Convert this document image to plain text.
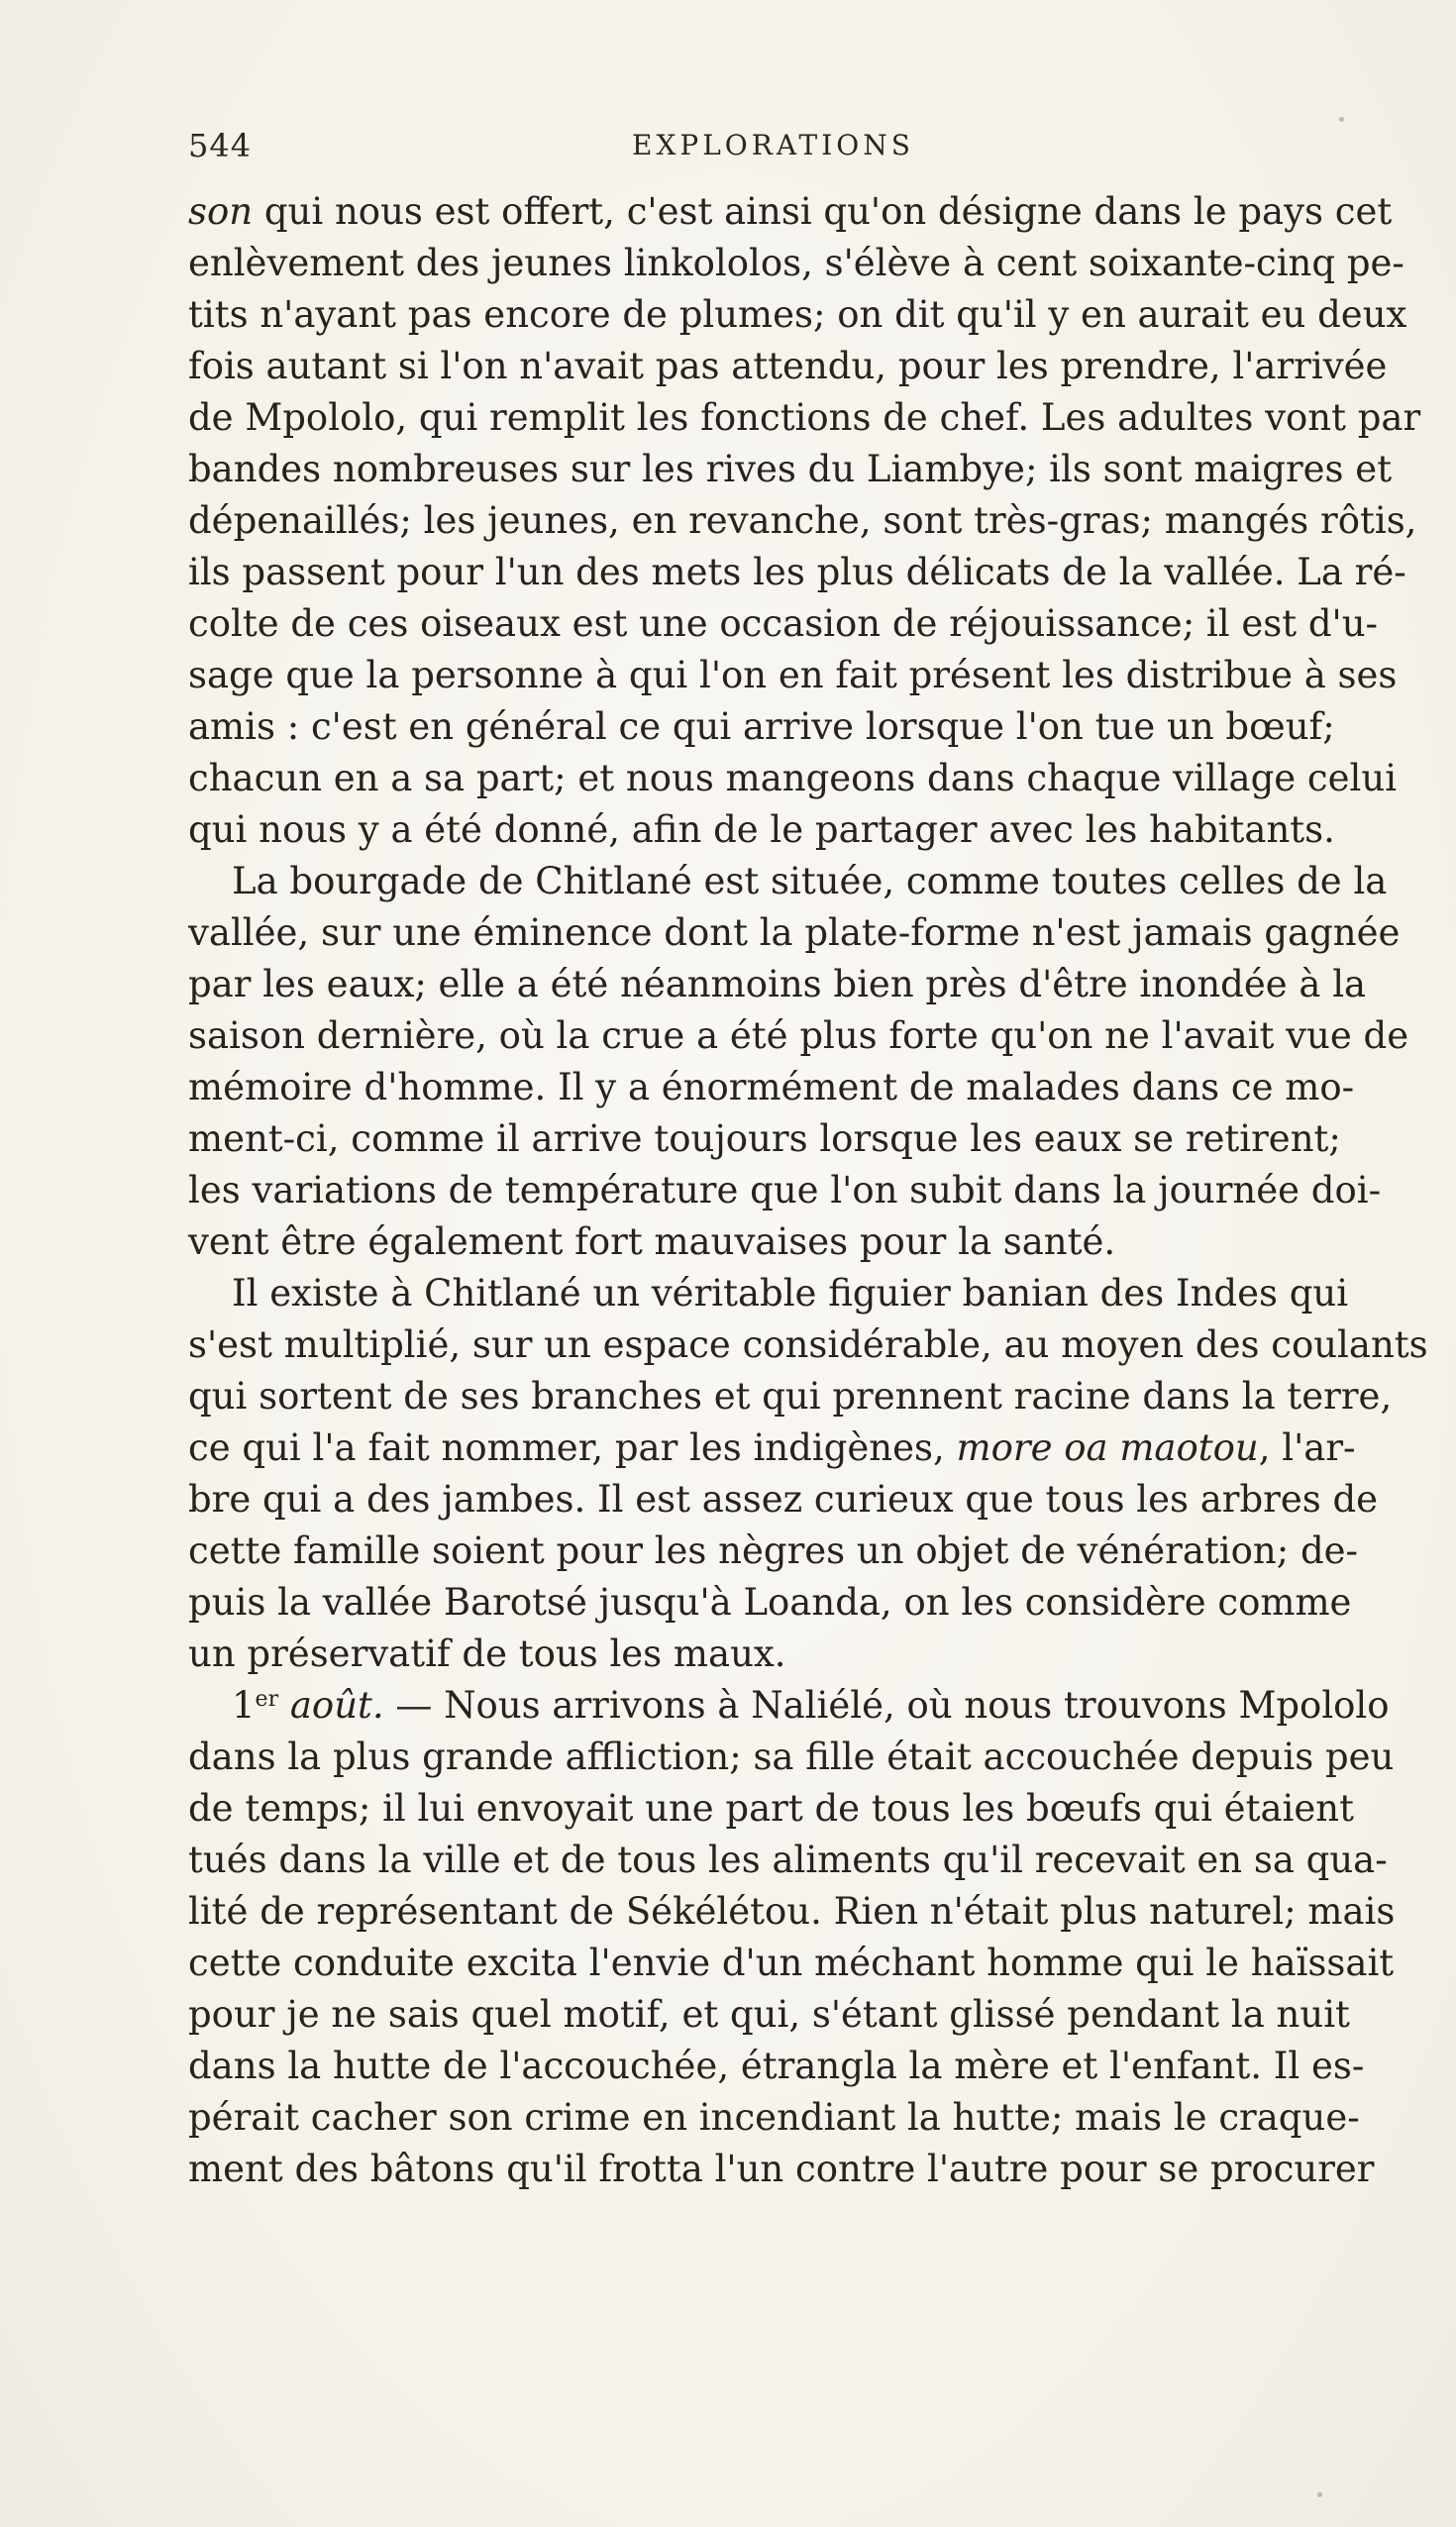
544	EXPLORATIONS
son qui nous est offert, c'est ainsi qu'on désigne dans le pays cet
enlèvement des jeunes linkololos, s'élève à cent soixante-cinq pe-
tits n'ayant pas encore de plumes; on dit qu'il y en aurait eu deux
fois autant si l'on n'avait pas attendu, pour les prendre, l'arrivée
de Mpololo, qui remplit les fonctions de chef. Les adultes vont par
bandes nombreuses sur les rives du Liambye; ils sont maigres et
dépenaillés; les jeunes, en revanche, sont très-gras; mangés rôtis,
ils passent pour l'un des mets les plus délicats de la vallée. La ré-
colte de ces oiseaux est une occasion de réjouissance; il est d'u-
sage que la personne à qui l'on en fait présent les distribue à ses
amis : c'est en général ce qui arrive lorsque l'on tue un bœuf;
chacun en a sa part; et nous mangeons dans chaque village celui
qui nous y a été donné, afin de le partager avec les habitants.
La bourgade de Chitlané est située, comme toutes celles de la
vallée, sur une éminence dont la plate-forme n'est jamais gagnée
par les eaux; elle a été néanmoins bien près d'être inondée à la
saison dernière, où la crue a été plus forte qu'on ne l'avait vue de
mémoire d'homme. Il y a énormément de malades dans ce mo-
ment-ci, comme il arrive toujours lorsque les eaux se retirent;
les variations de température que l'on subit dans la journée doi-
vent être également fort mauvaises pour la santé.
Il existe à Chitlané un véritable figuier banian des Indes qui
s'est multiplié, sur un espace considérable, au moyen des coulants
qui sortent de ses branches et qui prennent racine dans la terre,
ce qui l'a fait nommer, par les indigènes, more oa maotou, l'ar-
bre qui a des jambes. Il est assez curieux que tous les arbres de
cette famille soient pour les nègres un objet de vénération; de-
puis la vallée Barotsé jusqu'à Loanda, on les considère comme
un préservatif de tous les maux.
1er août. — Nous arrivons à Naliélé, où nous trouvons Mpololo
dans la plus grande affliction; sa fille était accouchée depuis peu
de temps; il lui envoyait une part de tous les bœufs qui étaient
tués dans la ville et de tous les aliments qu'il recevait en sa qua-
lité de représentant de Sékélétou. Rien n'était plus naturel; mais
cette conduite excita l'envie d'un méchant homme qui le haïssait
pour je ne sais quel motif, et qui, s'étant glissé pendant la nuit
dans la hutte de l'accouchée, étrangla la mère et l'enfant. Il es-
pérait cacher son crime en incendiant la hutte; mais le craque-
ment des bâtons qu'il frotta l'un contre l'autre pour se procurer
